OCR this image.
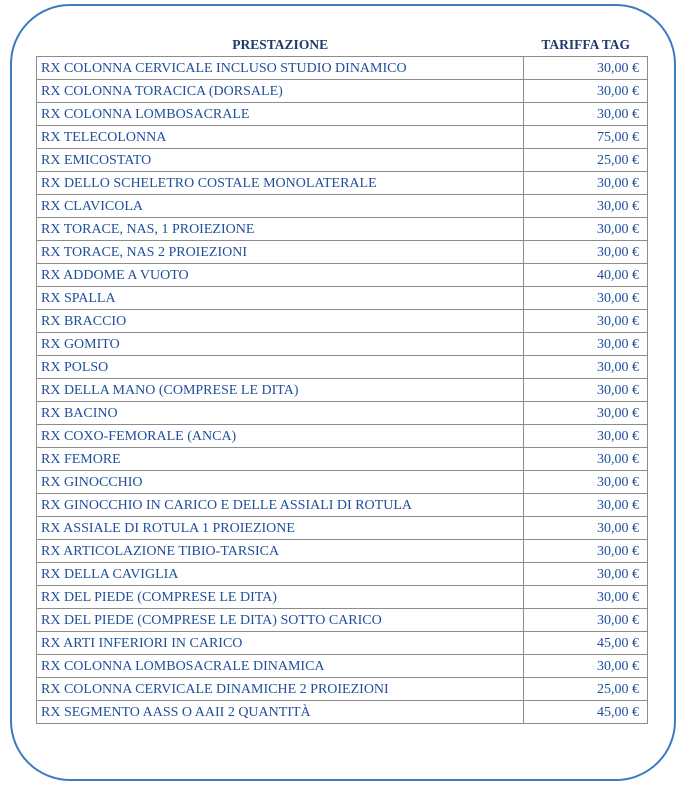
PRESTAZIONE	TARIFFA TAG
RX COLONNA CERVICALE INCLUSO STUDIO DINAMICO	30,00 €
RX COLONNA TORACICA (DORSALE)	30,00 €
RX COLONNA LOMBOSACRALE	30,00 €
RX TELECOLONNA	75,00 €
RX EMICOSTATO	25,00 €
RX DELLO SCHELETRO COSTALE MONOLATERALE	30,00 €
RX CLAVICOLA	30,00 €
RX TORACE, NAS, 1 PROIEZIONE	30,00 €
RX TORACE, NAS 2 PROIEZIONI	30,00 €
RX ADDOME A VUOTO	40,00 €
RX SPALLA	30,00 €
RX BRACCIO	30,00 €
RX GOMITO	30,00 €
RX POLSO	30,00 €
RX DELLA MANO (COMPRESE LE DITA)	30,00 €
RX BACINO	30,00 €
RX COXO-FEMORALE (ANCA)	30,00 €
RX FEMORE	30,00 €
RX GINOCCHIO	30,00 €
RX GINOCCHIO IN CARICO E DELLE ASSIALI DI ROTULA	30,00 €
RX ASSIALE DI ROTULA 1 PROIEZIONE	30,00 €
RX ARTICOLAZIONE TIBIO-TARSICA	30,00 €
RX DELLA CAVIGLIA	30,00 €
RX DEL PIEDE (COMPRESE LE DITA)	30,00 €
RX DEL PIEDE (COMPRESE LE DITA) SOTTO CARICO	30,00 €
RX ARTI INFERIORI IN CARICO	45,00 €
RX COLONNA LOMBOSACRALE DINAMICA	30,00 €
RX COLONNA CERVICALE DINAMICHE 2 PROIEZIONI	25,00 €
RX SEGMENTO AASS O AAII 2 QUANTITÀ	45,00 €
